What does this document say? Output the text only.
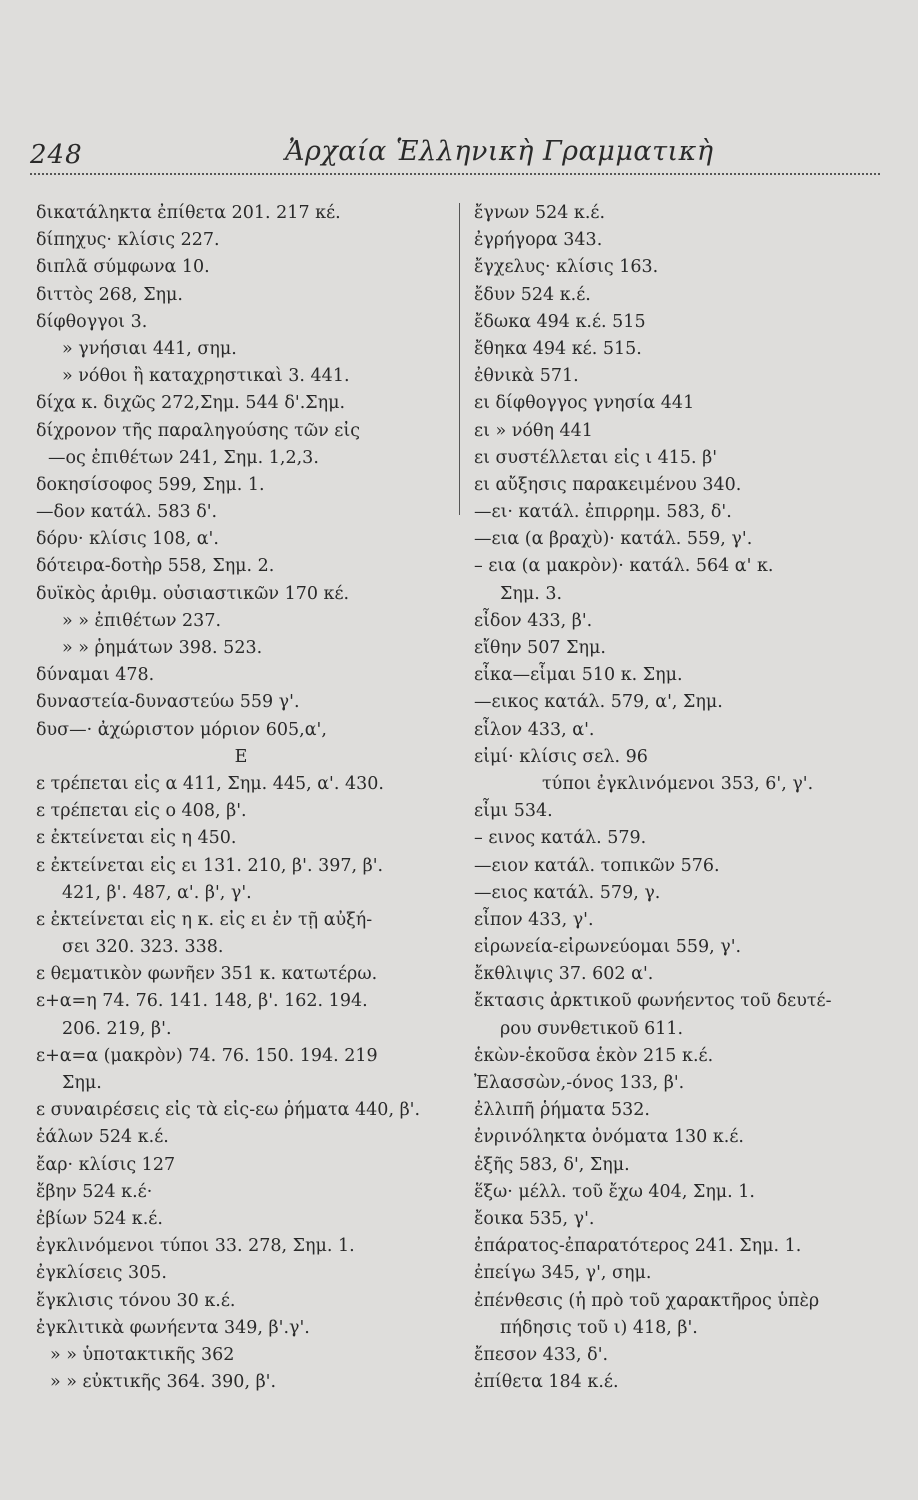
248	Ἀρχαία Ἑλληνικὴ Γραμματικὴ
δικατάληκτα ἐπίθετα 201. 217 κέ.
δίπηχυς· κλίσις 227.
διπλᾶ σύμφωνα 10.
διττὸς 268, Σημ.
δίφθογγοι 3.
» γνήσιαι 441, σημ.
» νόθοι ἢ καταχρηστικαὶ 3. 441.
δίχα κ. διχῶς 272,Σημ. 544 δ'.Σημ.
δίχρονον τῆς παραληγούσης τῶν εἰς
—ος ἐπιθέτων 241, Σημ. 1,2,3.
δοκησίσοφος 599, Σημ. 1.
—δον κατάλ. 583 δ'.
δόρυ· κλίσις 108, α'.
δότειρα-δοτὴρ 558, Σημ. 2.
δυϊκὸς ἀριθμ. οὐσιαστικῶν 170 κέ.
» » ἐπιθέτων 237.
» » ῥημάτων 398. 523.
δύναμαι 478.
δυναστεία-δυναστεύω 559 γ'.
δυσ—· ἀχώριστον μόριον 605,α',
Ε
ε τρέπεται εἰς α 411, Σημ. 445, α'. 430.
ε τρέπεται εἰς ο 408, β'.
ε ἐκτείνεται εἰς η 450.
ε ἐκτείνεται εἰς ει 131. 210, β'. 397, β'.
421, β'. 487, α'. β', γ'.
ε ἐκτείνεται εἰς η κ. εἰς ει ἐν τῇ αὐξή-
σει 320. 323. 338.
ε θεματικὸν φωνῆεν 351 κ. κατωτέρω.
ε+α=η 74. 76. 141. 148, β'. 162. 194.
206. 219, β'.
ε+α=α (μακρὸν) 74. 76. 150. 194. 219
Σημ.
ε συναιρέσεις εἰς τὰ εἰς-εω ῥήματα 440, β'.
ἑάλων 524 κ.έ.
ἔαρ· κλίσις 127
ἔβην 524 κ.έ·
ἐβίων 524 κ.έ.
ἐγκλινόμενοι τύποι 33. 278, Σημ. 1.
ἐγκλίσεις 305.
ἔγκλισις τόνου 30 κ.έ.
ἐγκλιτικὰ φωνήεντα 349, β'.γ'.
» » ὑποτακτικῆς 362
» » εὐκτικῆς 364. 390, β'.
ἔγνων 524 κ.έ.
ἐγρήγορα 343.
ἔγχελυς· κλίσις 163.
ἔδυν 524 κ.έ.
ἔδωκα 494 κ.έ. 515
ἔθηκα 494 κέ. 515.
ἐθνικὰ 571.
ει δίφθογγος γνησία 441
ει » νόθη 441
ει συστέλλεται εἰς ι 415. β'
ει αὔξησις παρακειμένου 340.
—ει· κατάλ. ἐπιρρημ. 583, δ'.
—εια (α βραχὺ)· κατάλ. 559, γ'.
– εια (α μακρὸν)· κατάλ. 564 α' κ.
Σημ. 3.
εἶδον 433, β'.
εἴθην 507 Σημ.
εἶκα—εἷμαι 510 κ. Σημ.
—εικος κατάλ. 579, α', Σημ.
εἷλον 433, α'.
εἰμί· κλίσις σελ. 96
τύποι ἐγκλινόμενοι 353, 6', γ'.
εἶμι 534.
– εινος κατάλ. 579.
—ειον κατάλ. τοπικῶν 576.
—ειος κατάλ. 579, γ.
εἶπον 433, γ'.
εἰρωνεία-εἰρωνεύομαι 559, γ'.
ἔκθλιψις 37. 602 α'.
ἔκτασις ἀρκτικοῦ φωνήεντος τοῦ δευτέ-
ρου συνθετικοῦ 611.
ἑκὼν-ἑκοῦσα ἑκὸν 215 κ.έ.
Ἐλασσὼν,-όνος 133, β'.
ἐλλιπῆ ῥήματα 532.
ἐνρινόληκτα ὀνόματα 130 κ.έ.
ἑξῆς 583, δ', Σημ.
ἕξω· μέλλ. τοῦ ἔχω 404, Σημ. 1.
ἔοικα 535, γ'.
ἐπάρατος-ἐπαρατότερος 241. Σημ. 1.
ἐπείγω 345, γ', σημ.
ἐπένθεσις (ἡ πρὸ τοῦ χαρακτῆρος ὑπὲρ
πήδησις τοῦ ι) 418, β'.
ἔπεσον 433, δ'.
ἐπίθετα 184 κ.έ.
